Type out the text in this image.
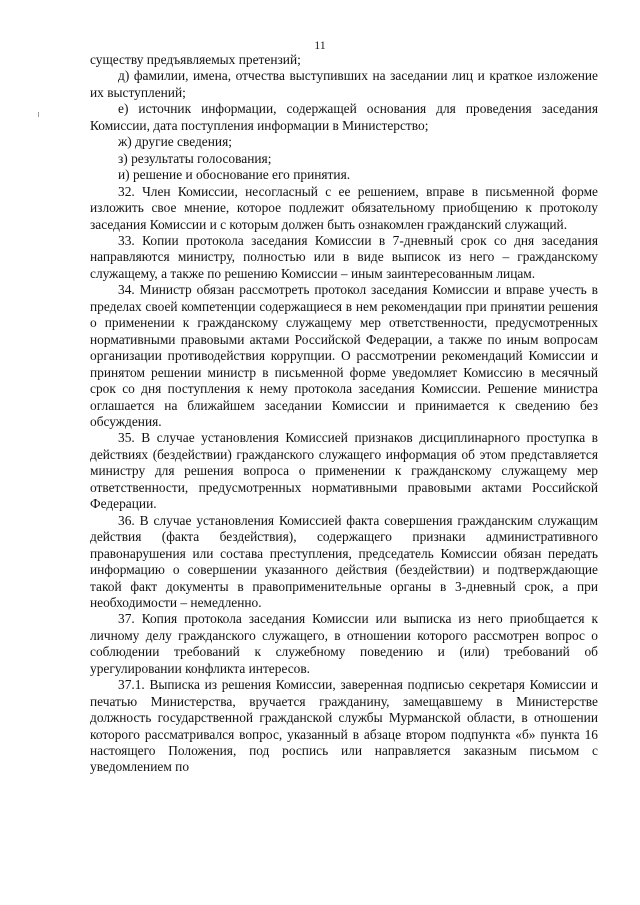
11

существу предъявляемых претензий;

д) фамилии, имена, отчества выступивших на заседании лиц и краткое изложение их выступлений;

е) источник информации, содержащей основания для проведения заседания Комиссии, дата поступления информации в Министерство;

ж) другие сведения;

з) результаты голосования;

и) решение и обоснование его принятия.

32. Член Комиссии, несогласный с ее решением, вправе в письменной форме изложить свое мнение, которое подлежит обязательному приобщению к протоколу заседания Комиссии и с которым должен быть ознакомлен гражданский служащий.

33. Копии протокола заседания Комиссии в 7-дневный срок со дня заседания направляются министру, полностью или в виде выписок из него – гражданскому служащему, а также по решению Комиссии – иным заинтересованным лицам.

34. Министр обязан рассмотреть протокол заседания Комиссии и вправе учесть в пределах своей компетенции содержащиеся в нем рекомендации при принятии решения о применении к гражданскому служащему мер ответственности, предусмотренных нормативными правовыми актами Российской Федерации, а также по иным вопросам организации противодействия коррупции. О рассмотрении рекомендаций Комиссии и принятом решении министр в письменной форме уведомляет Комиссию в месячный срок со дня поступления к нему протокола заседания Комиссии. Решение министра оглашается на ближайшем заседании Комиссии и принимается к сведению без обсуждения.

35. В случае установления Комиссией признаков дисциплинарного проступка в действиях (бездействии) гражданского служащего информация об этом представляется министру для решения вопроса о применении к гражданскому служащему мер ответственности, предусмотренных нормативными правовыми актами Российской Федерации.

36. В случае установления Комиссией факта совершения гражданским служащим действия (факта бездействия), содержащего признаки административного правонарушения или состава преступления, председатель Комиссии обязан передать информацию о совершении указанного действия (бездействии) и подтверждающие такой факт документы в правоприменительные органы в 3-дневный срок, а при необходимости – немедленно.

37. Копия протокола заседания Комиссии или выписка из него приобщается к личному делу гражданского служащего, в отношении которого рассмотрен вопрос о соблюдении требований к служебному поведению и (или) требований об урегулировании конфликта интересов.

37.1. Выписка из решения Комиссии, заверенная подписью секретаря Комиссии и печатью Министерства, вручается гражданину, замещавшему в Министерстве должность государственной гражданской службы Мурманской области, в отношении которого рассматривался вопрос, указанный в абзаце втором подпункта «б» пункта 16 настоящего Положения, под роспись или направляется заказным письмом с уведомлением по
